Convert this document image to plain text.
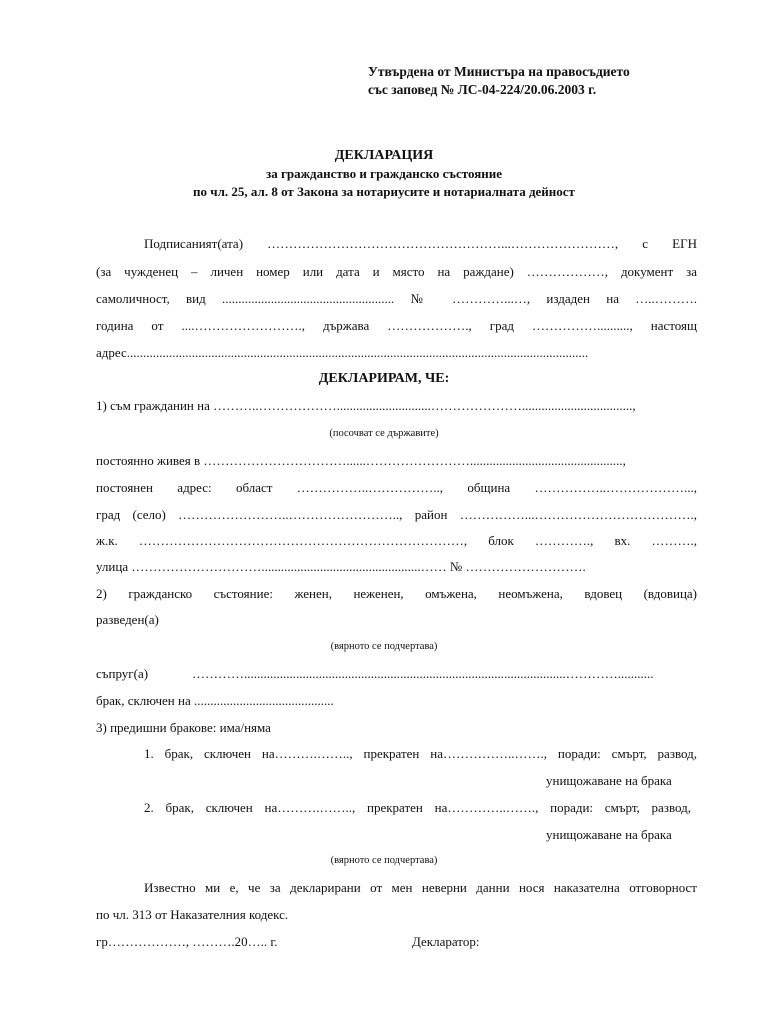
Утвърдена от Министъра на правосъдието
със заповед № ЛС-04-224/20.06.2003 г.
ДЕКЛАРАЦИЯ
за гражданство и гражданско състояние
по чл. 25, ал. 8 от Закона за нотариусите и нотариалната дейност
Подписаният(ата) ………………………………………………...……………………, с ЕГН
(за чужденец – личен номер или дата и място на раждане) ………………, документ за
самоличност, вид ..................................................... № …………...…, издаден на …..……….
година от ....……………………., държава ………………., град …………….........., настоящ
адрес..............................................................................................................................................
ДЕКЛАРИРАМ, ЧЕ:
1) съм гражданин на ………..……………….............................…………………..................................,
(посочват се държавите)
постоянно живея в ……………………………......……………………...............................................,
постоянен адрес: област ……………..…………….., община ……………..………………...,
град (село) ……………………..…………………….., район ……………...……………………………….,
ж.к. …………………………………………………………………, блок …………., вх. ……….,
улица ………………………….................................................…… № ……………………….
2) гражданско състояние: женен, неженен, омъжена, неомъжена, вдовец (вдовица)
разведен(а)
(вярното се подчертава)
съпруг(а)	…………...................................................................................................…………...........
брак, сключен на ...........................................
3) предишни бракове: има/няма
1. брак, сключен на……….…….., прекратен на……………..……., поради: смърт, развод,
унищожаване на брака
2. брак, сключен на……….…….., прекратен на…………..……., поради: смърт, развод,
унищожаване на брака
(вярното се подчертава)
Известно ми е, че за декларирани от мен неверни данни нося наказателна отговорност
по чл. 313 от Наказателния кодекс.
гр………………, ……….20….. г.	Декларатор:
